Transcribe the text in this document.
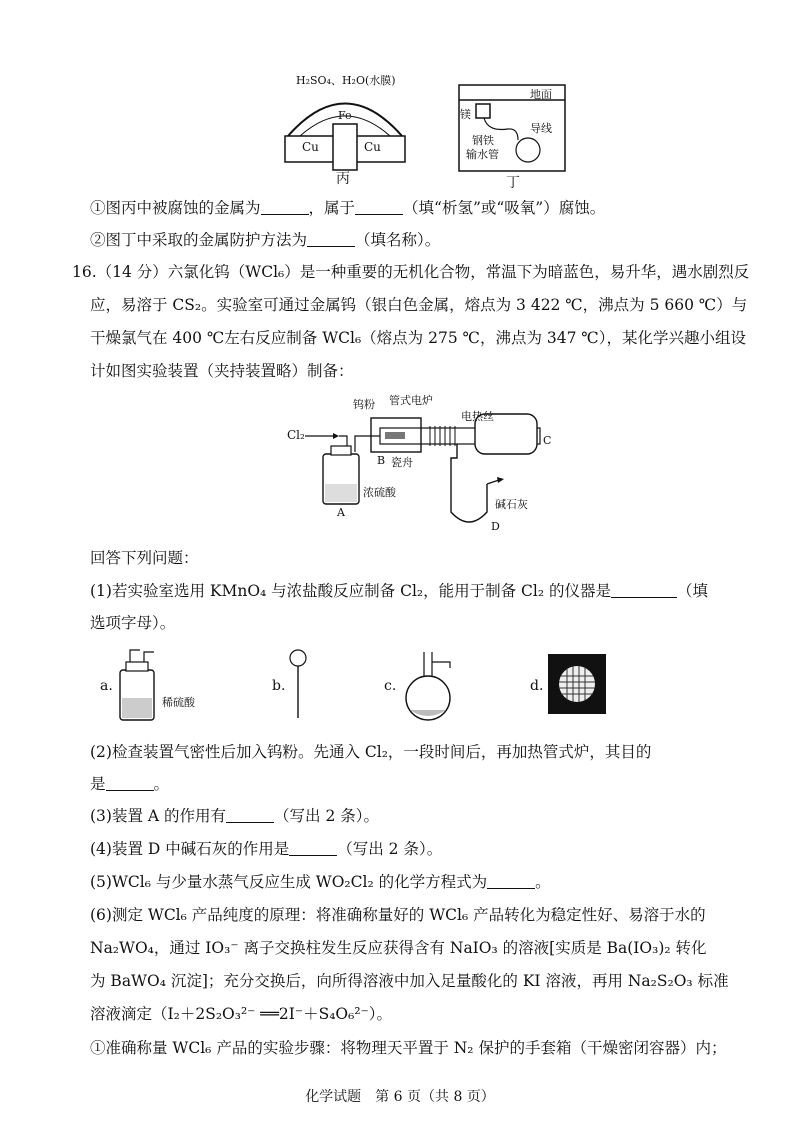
H₂SO₄、H₂O(水膜)
Fe
Cu	Cu
丙
地面
镁
导线
钢铁
输水管
丁
①图丙中被腐蚀的金属为	，属于	（填“析氢”或“吸氧”）腐蚀。
②图丁中采取的金属防护方法为	（填名称）。
16.（14 分）六氯化钨（WCl₆）是一种重要的无机化合物，常温下为暗蓝色，易升华，遇水剧烈反
应，易溶于 CS₂。实验室可通过金属钨（银白色金属，熔点为 3 422 ℃，沸点为 5 660 ℃）与
干燥氯气在 400 ℃左右反应制备 WCl₆（熔点为 275 ℃，沸点为 347 ℃），某化学兴趣小组设
计如图实验装置（夹持装置略）制备：
Cl₂
钨粉 管式电炉
电热丝
B 瓷舟
C
浓硫酸
A
碱石灰
D
回答下列问题：
(1)若实验室选用 KMnO₄ 与浓盐酸反应制备 Cl₂，能用于制备 Cl₂ 的仪器是	（填
选项字母）。
a.
稀硫酸
b.	c.	d.
(2)检查装置气密性后加入钨粉。先通入 Cl₂，一段时间后，再加热管式炉，其目的
是	。
(3)装置 A 的作用有	（写出 2 条）。
(4)装置 D 中碱石灰的作用是	（写出 2 条）。
(5)WCl₆ 与少量水蒸气反应生成 WO₂Cl₂ 的化学方程式为	。
(6)测定 WCl₆ 产品纯度的原理：将准确称量好的 WCl₆ 产品转化为稳定性好、易溶于水的
Na₂WO₄，通过 IO₃⁻ 离子交换柱发生反应获得含有 NaIO₃ 的溶液[实质是 Ba(IO₃)₂ 转化
为 BaWO₄ 沉淀]；充分交换后，向所得溶液中加入足量酸化的 KI 溶液，再用 Na₂S₂O₃ 标准
溶液滴定（I₂＋2S₂O₃²⁻ ══2I⁻＋S₄O₆²⁻）。
①准确称量 WCl₆ 产品的实验步骤：将物理天平置于 N₂ 保护的手套箱（干燥密闭容器）内；
化学试题　第 6 页（共 8 页）
